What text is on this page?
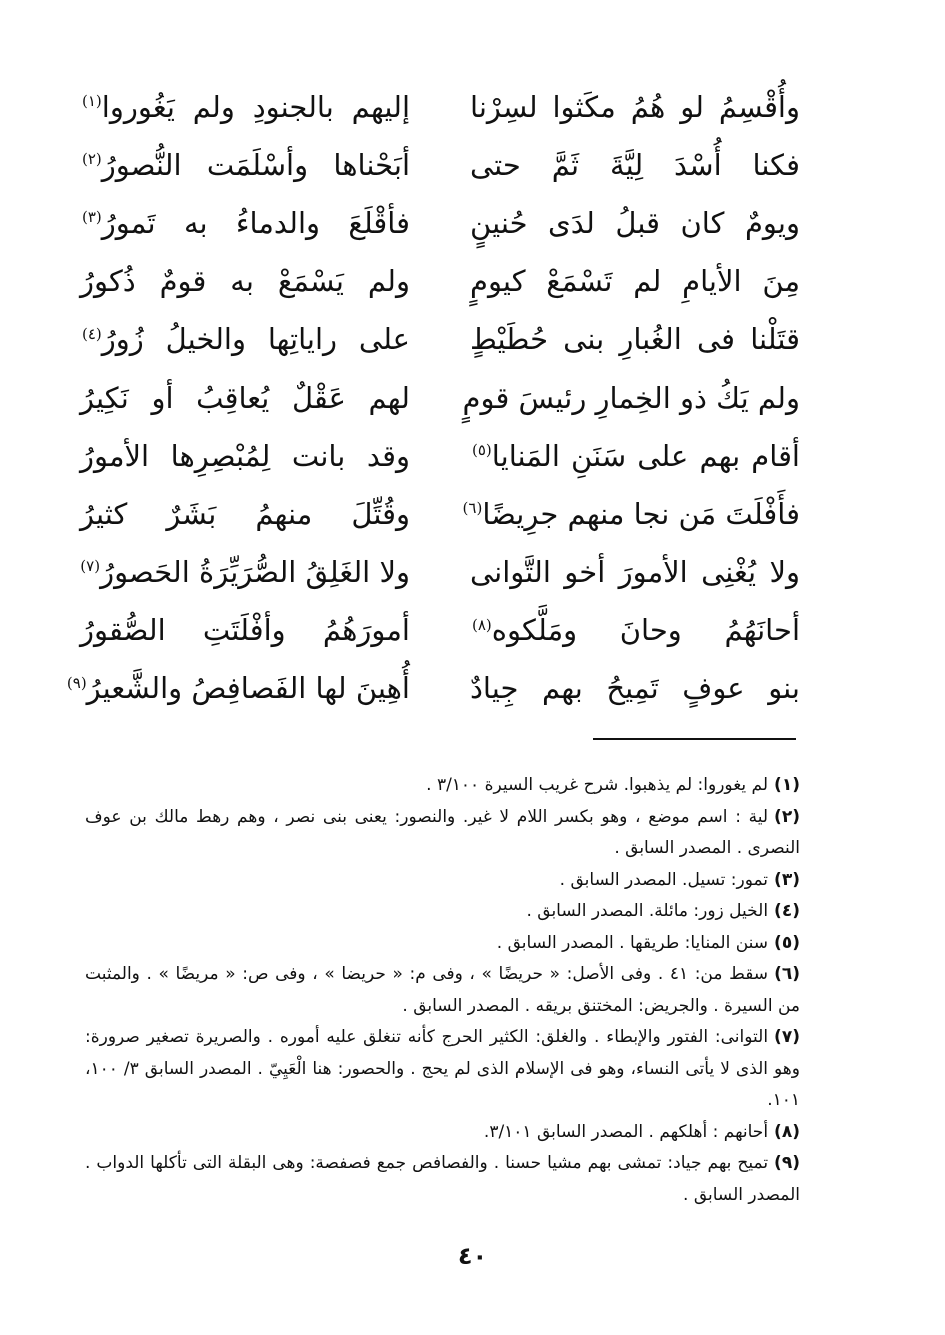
وأُقْسِمُ لو هُمُ مكَثوا لسِرْنا
إليهم بالجنودِ ولم يَغُوروا$^{(١)}$
فكنا أُسْدَ لِيَّةَ ثَمَّ حتى
أبَحْناها وأسْلَمَت النُّصورُ$^{(٢)}$
ويومٌ كان قبلُ لدَى حُنينٍ
فأقْلَعَ والدماءُ به تَمورُ$^{(٣)}$
مِنَ الأيامِ لم تَسْمَعْ كيومٍ
ولم يَسْمَعْ به قومٌ ذُكورُ
قتَلْنا فى الغُبارِ بنى حُطَيْطٍ
على راياتِها والخيلُ زُورُ$^{(٤)}$
ولم يَكُ ذو الخِمارِ رئيسَ قومٍ
لهم عَقْلٌ يُعاقِبُ أو نَكِيرُ
أقام بهم على سَنَنِ المَنايا$^{(٥)}$
وقد بانت لِمُبْصِرِها الأمورُ
فأَفْلَتَ مَن نجا منهم جرِيضًا$^{(٦)}$
وقُتِّلَ منهمُ بَشَرٌ كثيرُ
ولا يُغْنِى الأمورَ أخو التَّوانى
ولا الغَلِقُ الصُّرَيِّرَةُ الحَصورُ$^{(٧)}$
أحانَهُمُ وحانَ ومَلَّكوه$^{(٨)}$
أمورَهُمُ وأفْلَتَتِ الصُّقورُ
بنو عوفٍ تَمِيحُ بهم جِيادٌ
أُهِينَ لها الفَصافِصُ والشَّعيرُ$^{(٩)}$

(١)لم يغوروا: لم يذهبوا. شرح غريب السيرة ٣/١٠٠ .

(٢)لية : اسم موضع ، وهو بكسر اللام لا غير. والنصور: يعنى بنى نصر ، وهم رهط مالك بن عوف النصرى . المصدر السابق .

(٣)تمور: تسيل. المصدر السابق .

(٤)الخيل زور: مائلة. المصدر السابق .

(٥)سنن المنايا: طريقها . المصدر السابق .

(٦)سقط من: ٤١ . وفى الأصل: « حريضًا » ، وفى م: « حريضا » ، وفى ص: « مريضًا » . والمثبت من السيرة . والجريض: المختنق بريقه . المصدر السابق .

(٧)التوانى: الفتور والإبطاء . والغلق: الكثير الحرج كأنه تنغلق عليه أموره . والصريرة تصغير صرورة: وهو الذى لا يأتى النساء، وهو فى الإسلام الذى لم يحج . والحصور: هنا الْعَيِيّ . المصدر السابق ٣/ ١٠٠، ١٠١.

(٨)أحانهم : أهلكهم . المصدر السابق ٣/١٠١.

(٩)تميح بهم جياد: تمشى بهم مشيا حسنا . والفصافص جمع فصفصة: وهى البقلة التى تأكلها الدواب . المصدر السابق .

٤٠
